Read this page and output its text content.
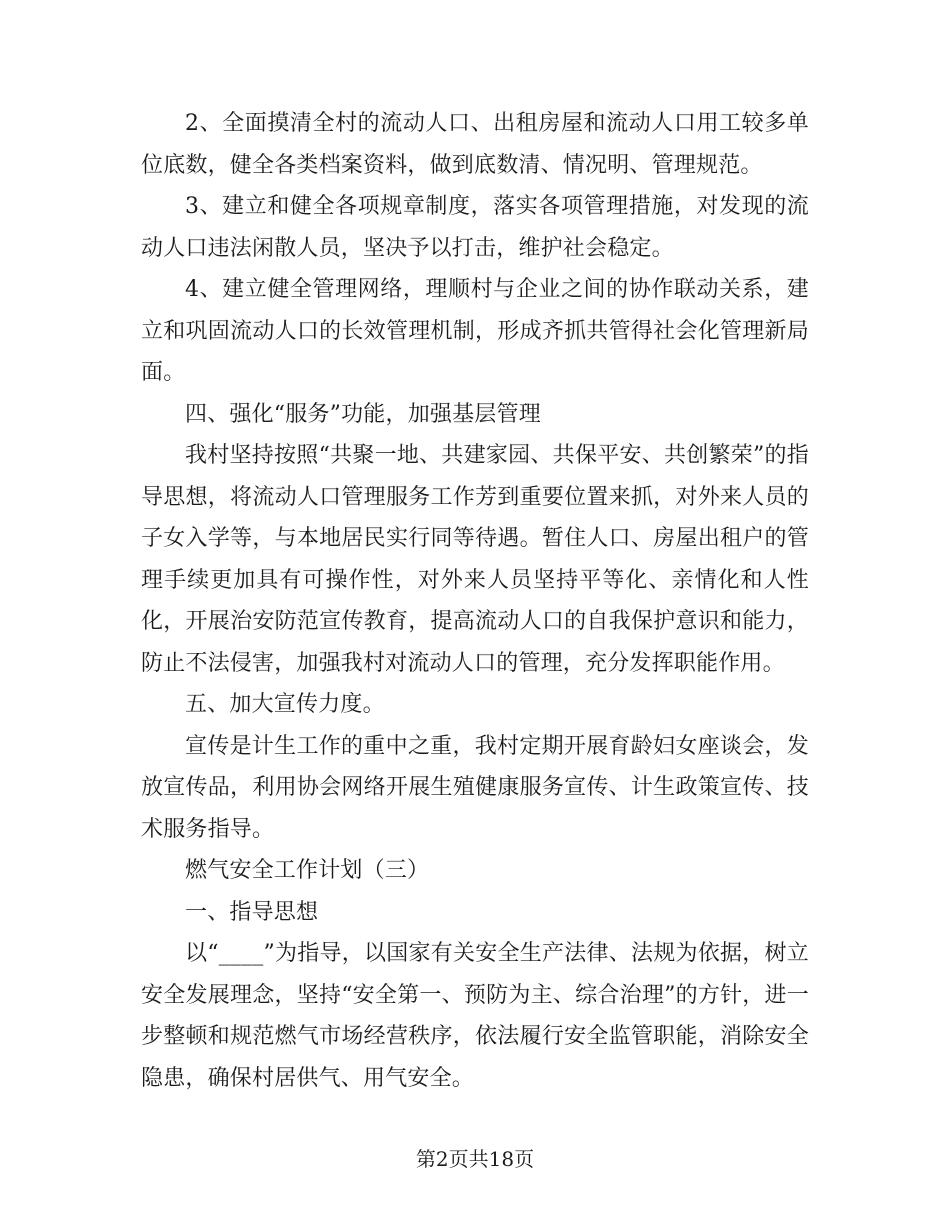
2、全面摸清全村的流动人口、出租房屋和流动人口用工较多单位底数，健全各类档案资料，做到底数清、情况明、管理规范。

3、建立和健全各项规章制度，落实各项管理措施，对发现的流动人口违法闲散人员，坚决予以打击，维护社会稳定。

4、建立健全管理网络，理顺村与企业之间的协作联动关系，建立和巩固流动人口的长效管理机制，形成齐抓共管得社会化管理新局面。

四、强化“服务”功能，加强基层管理

我村坚持按照“共聚一地、共建家园、共保平安、共创繁荣”的指导思想，将流动人口管理服务工作芳到重要位置来抓，对外来人员的子女入学等，与本地居民实行同等待遇。暂住人口、房屋出租户的管理手续更加具有可操作性，对外来人员坚持平等化、亲情化和人性化，开展治安防范宣传教育，提高流动人口的自我保护意识和能力，防止不法侵害，加强我村对流动人口的管理，充分发挥职能作用。

五、加大宣传力度。

宣传是计生工作的重中之重，我村定期开展育龄妇女座谈会，发放宣传品，利用协会网络开展生殖健康服务宣传、计生政策宣传、技术服务指导。

燃气安全工作计划（三）

一、指导思想

以“____”为指导，以国家有关安全生产法律、法规为依据，树立安全发展理念，坚持“安全第一、预防为主、综合治理”的方针，进一步整顿和规范燃气市场经营秩序，依法履行安全监管职能，消除安全隐患，确保村居供气、用气安全。

第2页共18页
